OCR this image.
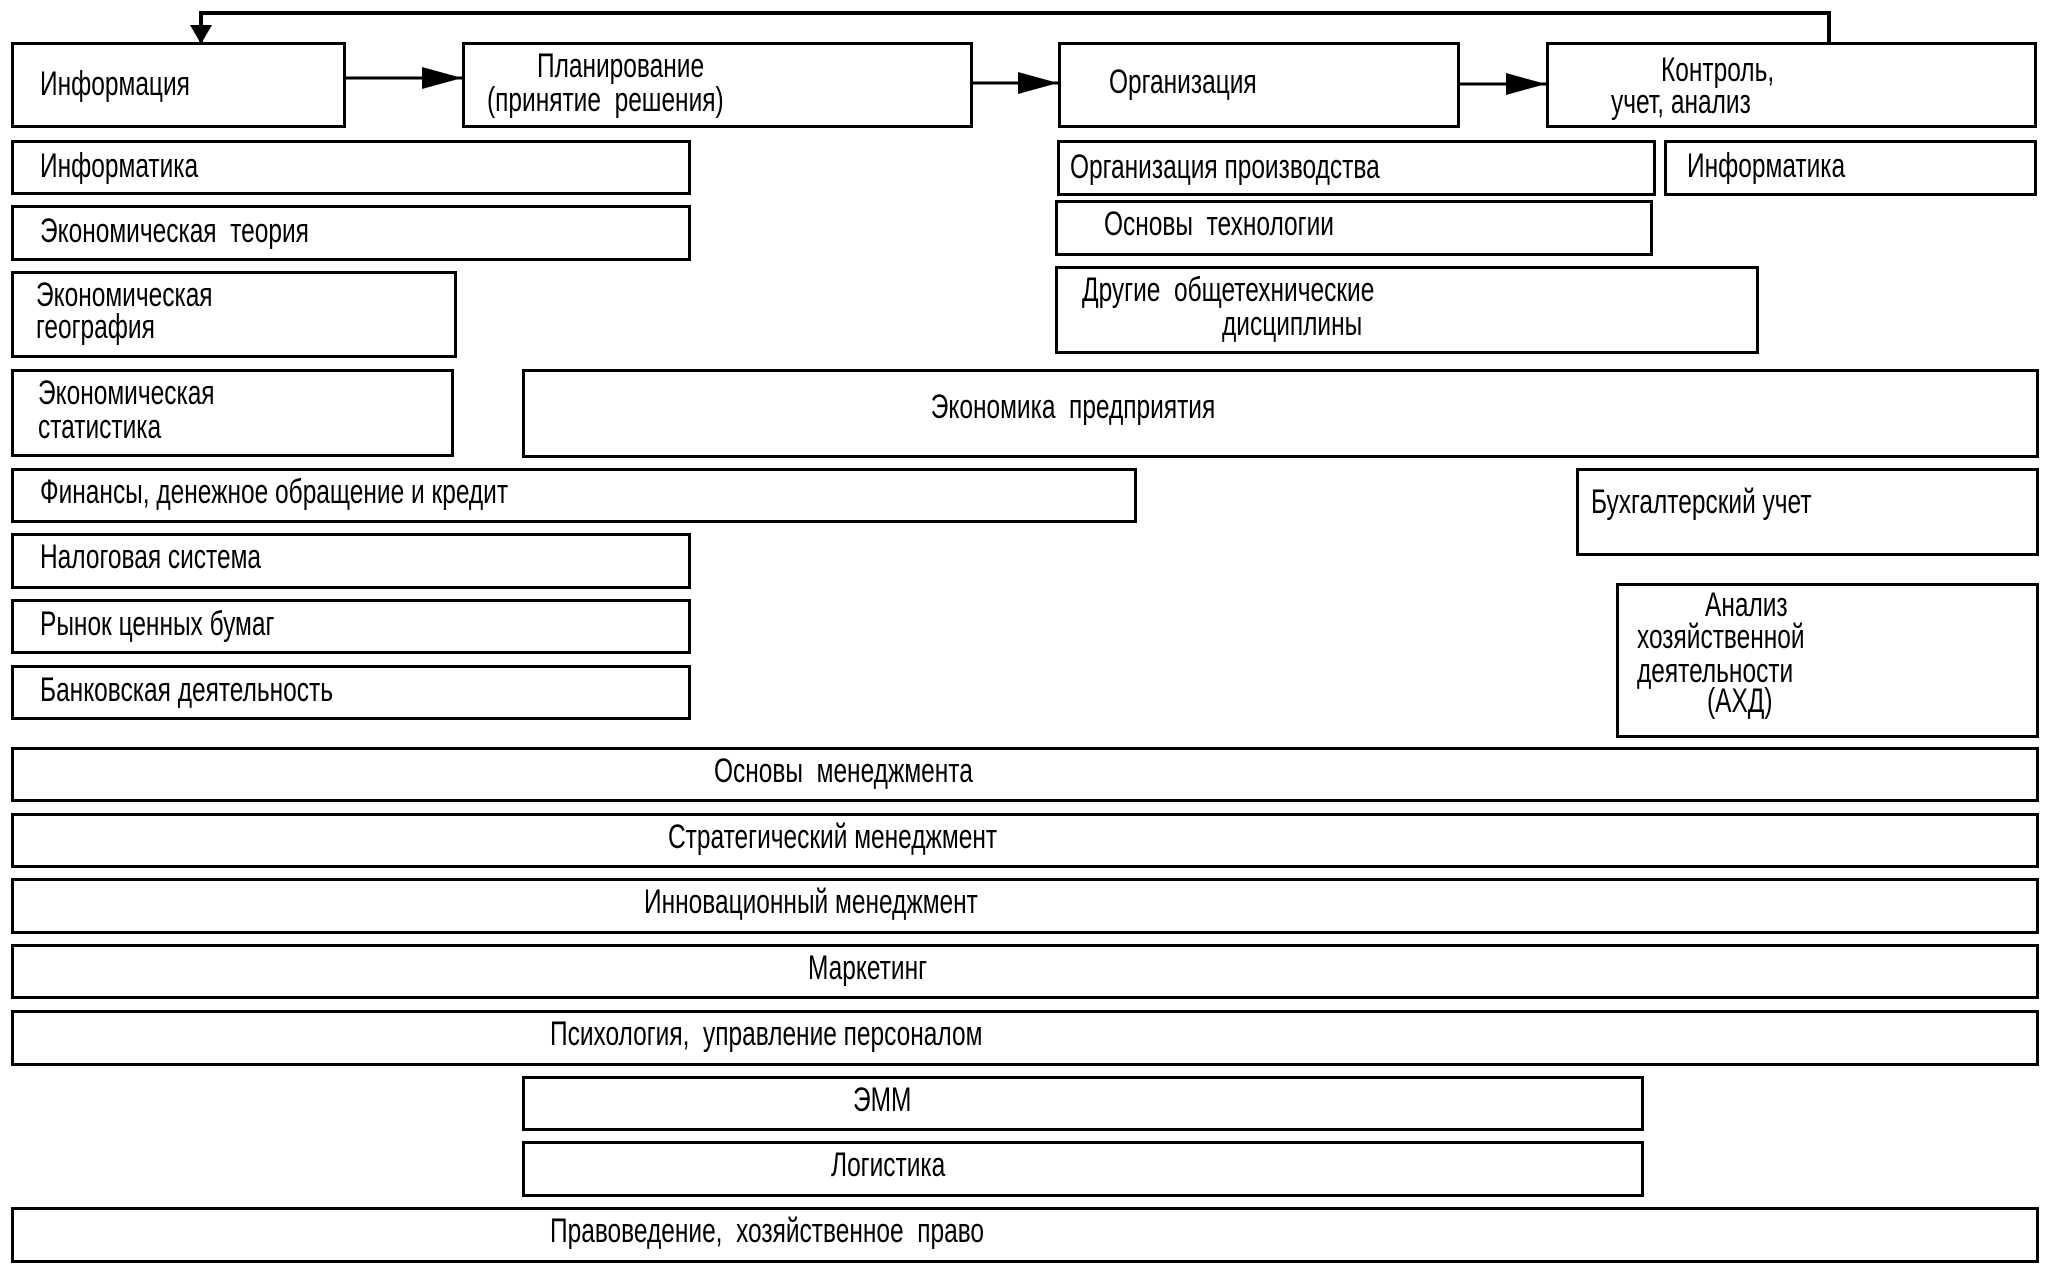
Информация	Планирование
(принятие  решения)	Организация	Контроль,
учет, анализ
Информатика
Экономическая  теория
Экономическая
география
Экономическая
статистика
Финансы, денежное обращение и кредит
Налоговая система
Рынок ценных бумаг
Банковская деятельность
Организация производства	Информатика
Основы  технологии
Другие  общетехнические
дисциплины
Экономика  предприятия
Бухгалтерский учет
Анализ
хозяйственной
деятельности
(АХД)
Основы  менеджмента
Стратегический менеджмент
Инновационный менеджмент
Маркетинг
Психология,  управление персоналом
ЭММ
Логистика
Правоведение,  хозяйственное  право
